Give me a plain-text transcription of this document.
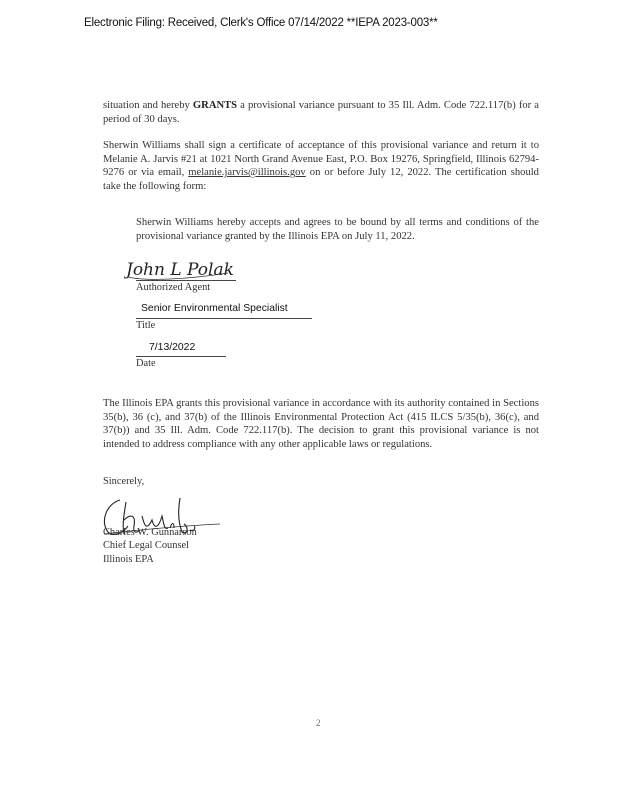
Electronic Filing: Received, Clerk's Office 07/14/2022 **IEPA 2023-003**

situation and hereby GRANTS a provisional variance pursuant to 35 Ill. Adm. Code 722.117(b) for a period of 30 days.

Sherwin Williams shall sign a certificate of acceptance of this provisional variance and return it to Melanie A. Jarvis #21 at 1021 North Grand Avenue East, P.O. Box 19276, Springfield, Illinois 62794-9276 or via email, melanie.jarvis@illinois.gov on or before July 12, 2022. The certification should take the following form:

Sherwin Williams hereby accepts and agrees to be bound by all terms and conditions of the provisional variance granted by the Illinois EPA on July 11, 2022.
John L Polak
Authorized Agent
Senior Environmental Specialist
Title
7/13/2022
Date
The Illinois EPA grants this provisional variance in accordance with its authority contained in Sections 35(b), 36 (c), and 37(b) of the Illinois Environmental Protection Act (415 ILCS 5/35(b), 36(c), and 37(b)) and 35 Ill. Adm. Code 722.117(b). The decision to grant this provisional variance is not intended to address compliance with any other applicable laws or regulations.
Sincerely,
Charles W. Gunnarson
Chief Legal Counsel
Illinois EPA
2
